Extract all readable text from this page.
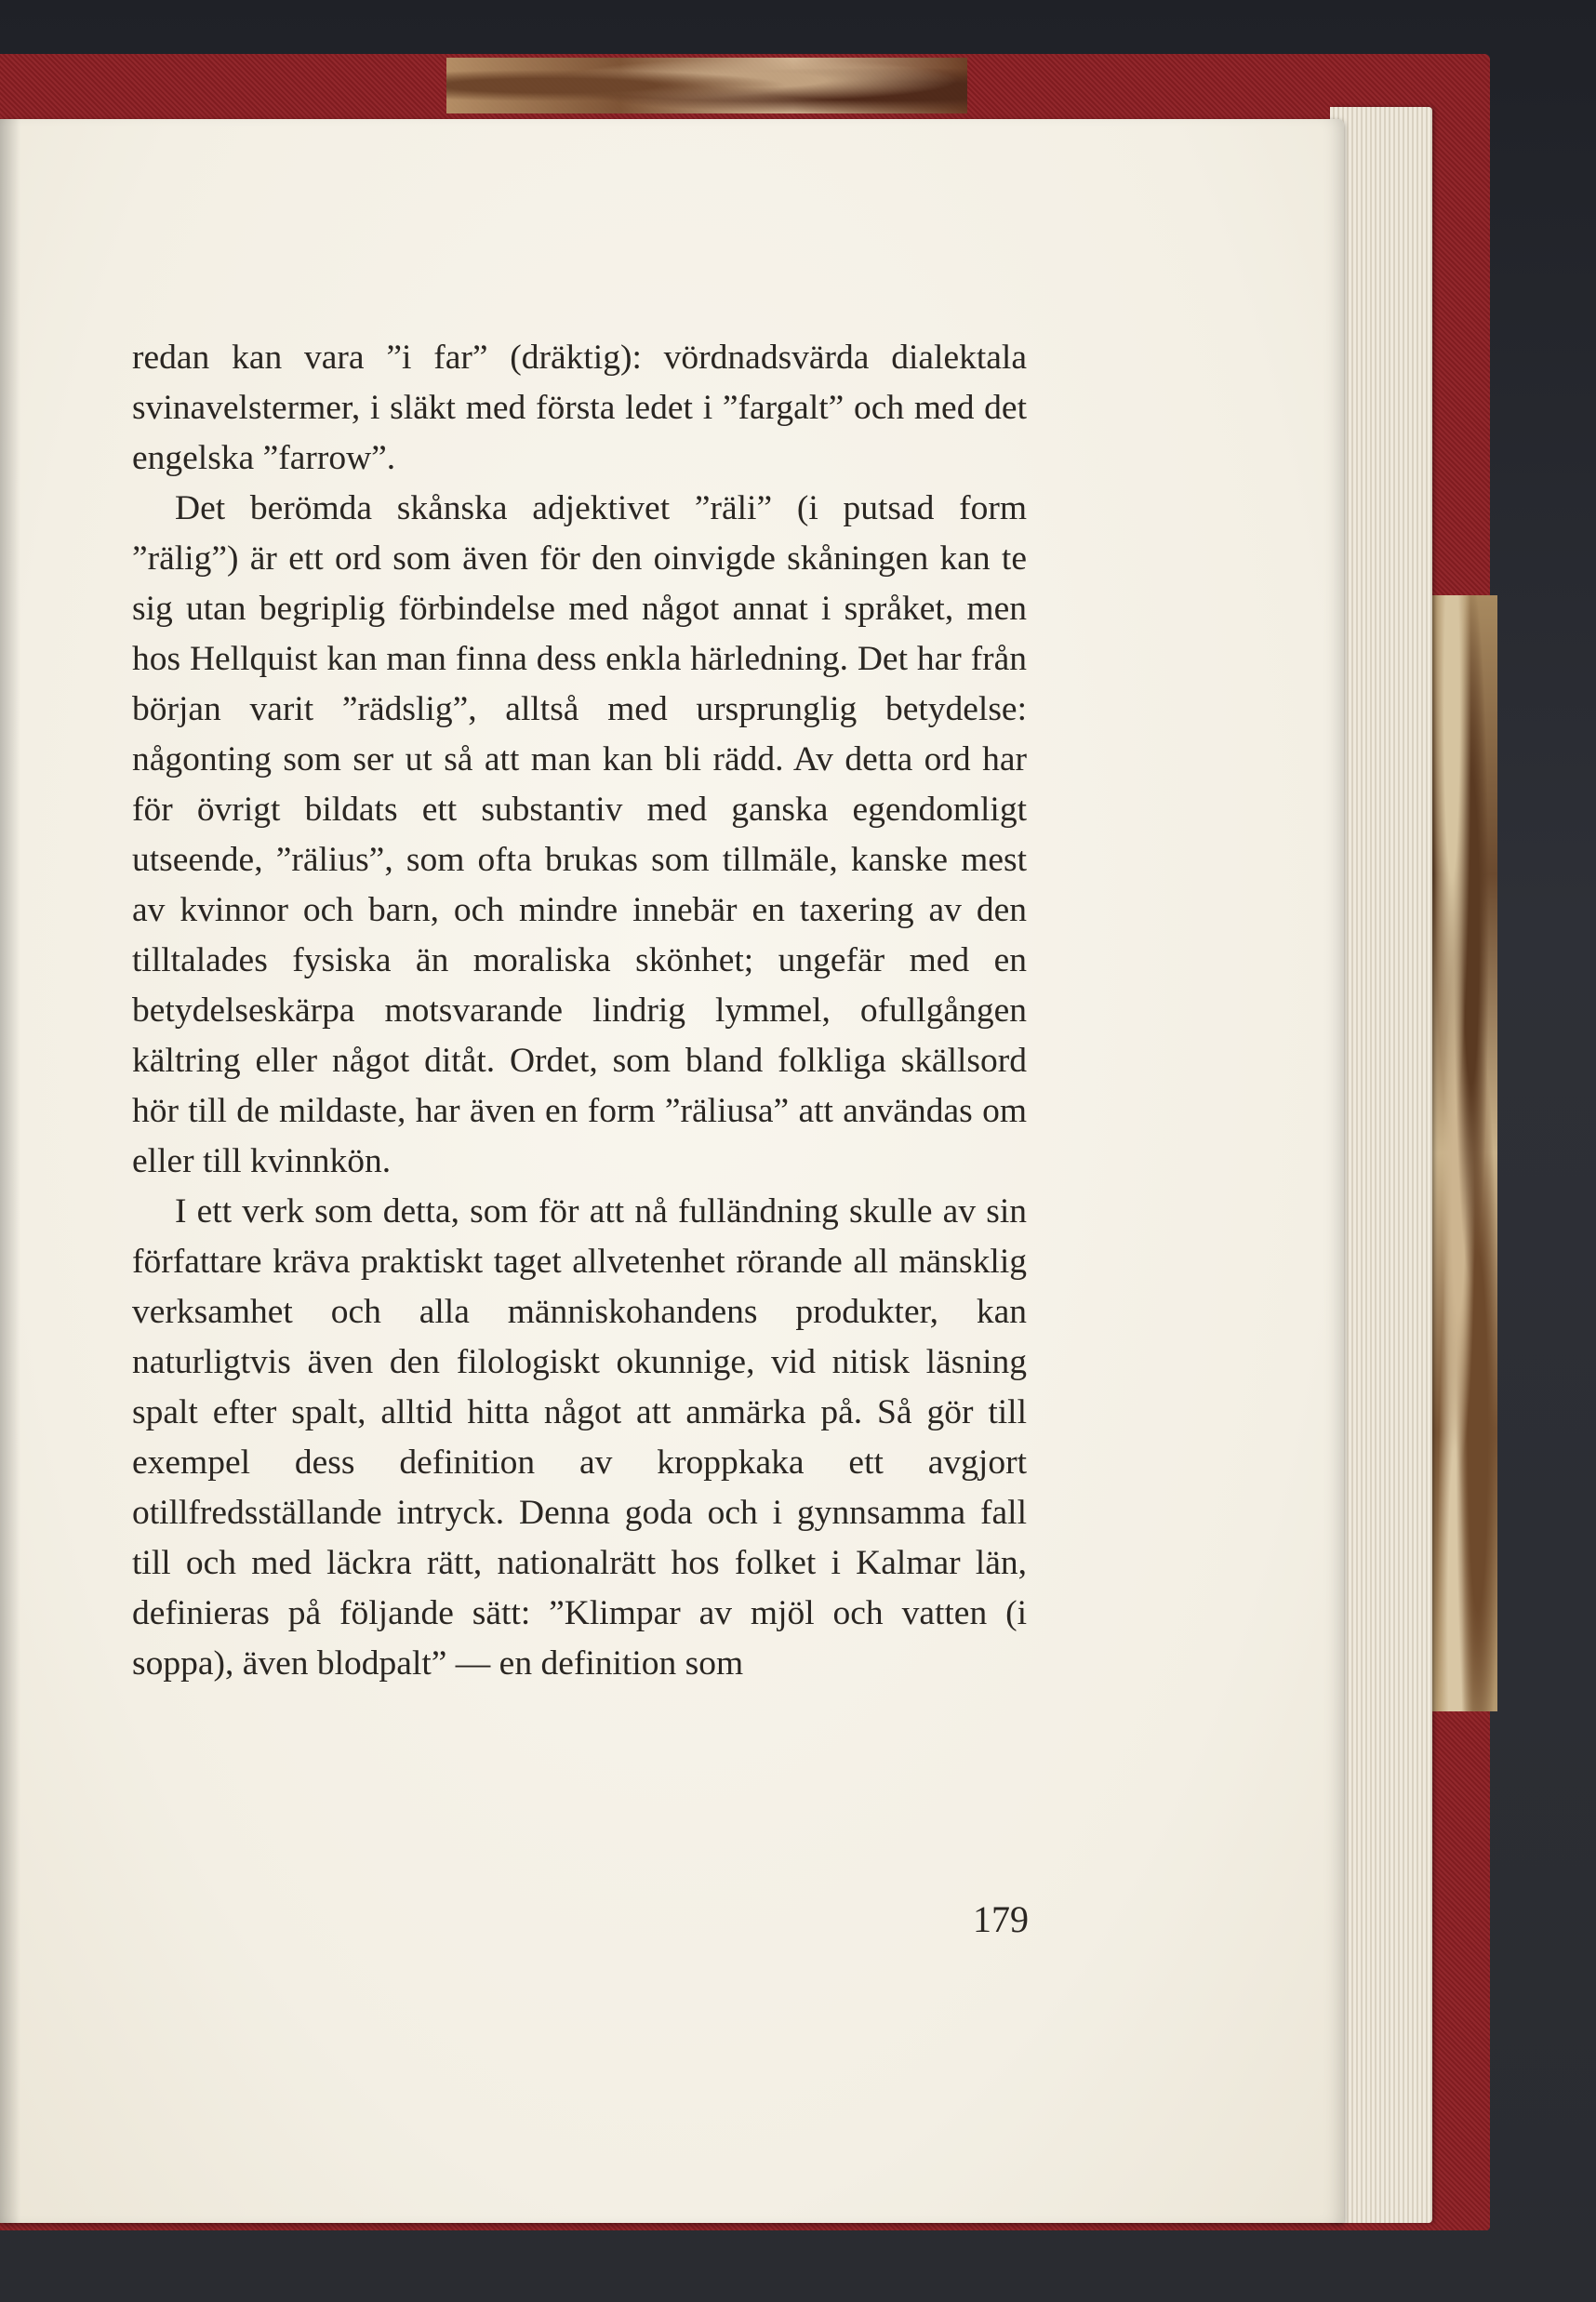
redan kan vara ”i far” (dräktig): vördnadsvärda dialektala svinavelstermer, i släkt med första ledet i ”fargalt” och med det engelska ”farrow”.

Det berömda skånska adjektivet ”räli” (i putsad form ”rälig”) är ett ord som även för den oinvigde skåningen kan te sig utan begriplig förbindelse med något annat i språket, men hos Hellquist kan man finna dess enkla härledning. Det har från början varit ”rädslig”, alltså med ursprunglig betydelse: någonting som ser ut så att man kan bli rädd. Av detta ord har för övrigt bildats ett substantiv med ganska egendomligt utseende, ”rälius”, som ofta brukas som tillmäle, kanske mest av kvinnor och barn, och mindre innebär en taxering av den tilltalades fysiska än moraliska skönhet; ungefär med en betydelseskärpa motsvarande lindrig lymmel, ofullgången kältring eller något ditåt. Ordet, som bland folkliga skällsord hör till de mildaste, har även en form ”räliusa” att användas om eller till kvinnkön.

I ett verk som detta, som för att nå fulländning skulle av sin författare kräva praktiskt taget allvetenhet rörande all mänsklig verksamhet och alla människohandens produkter, kan naturligtvis även den filologiskt okunnige, vid nitisk läsning spalt efter spalt, alltid hitta något att anmärka på. Så gör till exempel dess definition av kroppkaka ett avgjort otillfredsställande intryck. Denna goda och i gynnsamma fall till och med läckra rätt, nationalrätt hos folket i Kalmar län, definieras på följande sätt: ”Klimpar av mjöl och vatten (i soppa), även blodpalt” — en definition som

179
